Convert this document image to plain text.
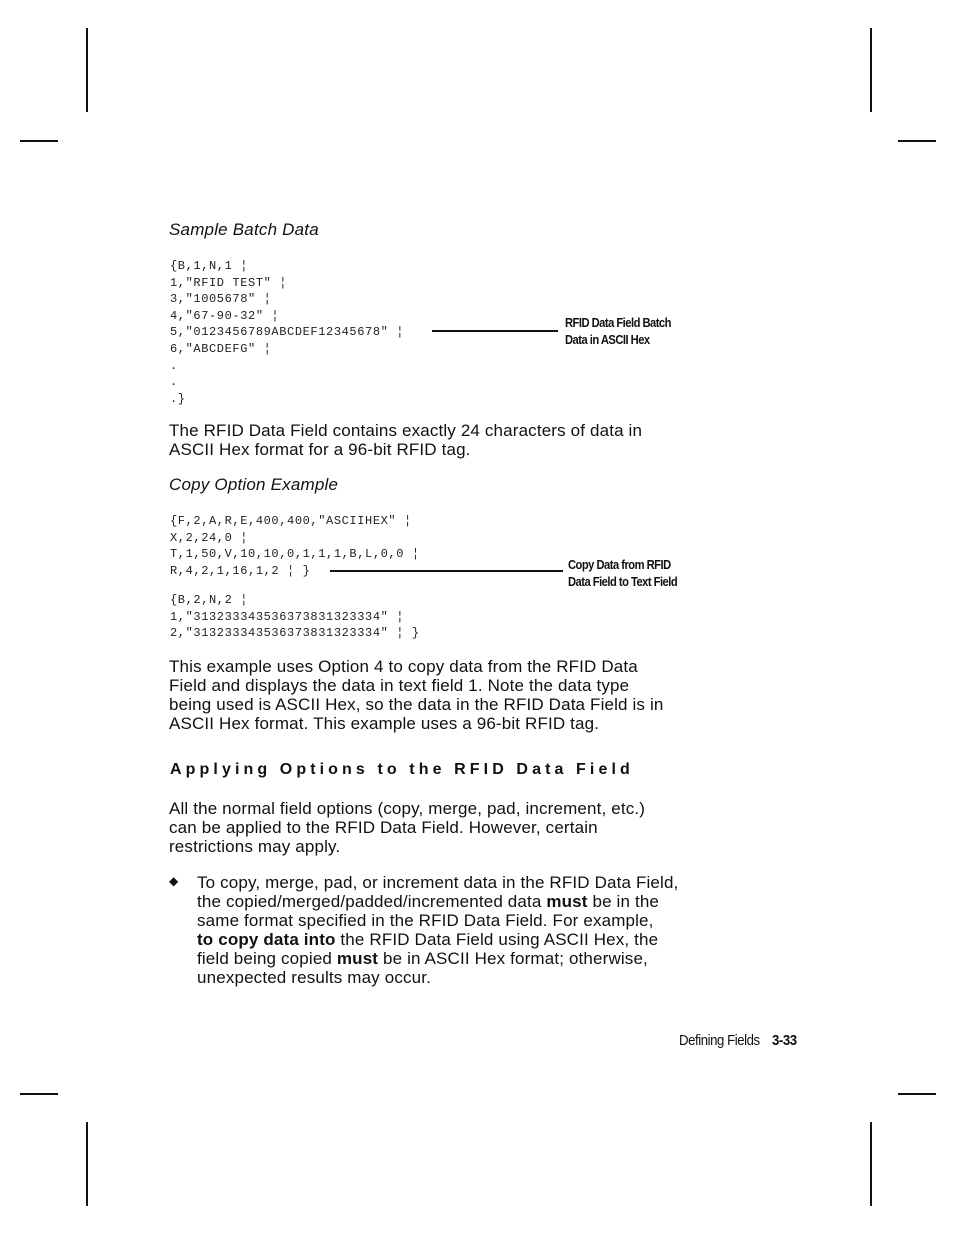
Sample Batch Data
{B,1,N,1 ¦
1,"RFID TEST" ¦
3,"1005678" ¦
4,"67-90-32" ¦
5,"0123456789ABCDEF12345678" ¦
6,"ABCDEFG" ¦
.
.
.}
RFID Data Field Batch
Data in ASCII Hex
The RFID Data Field contains exactly 24 characters of data in
ASCII Hex format for a 96-bit RFID tag.
Copy Option Example
{F,2,A,R,E,400,400,"ASCIIHEX" ¦
X,2,24,0 ¦
T,1,50,V,10,10,0,1,1,1,B,L,0,0 ¦
R,4,2,1,16,1,2 ¦ }	Copy Data from RFID
Data Field to Text Field
{B,2,N,2 ¦
1,"313233343536373831323334" ¦
2,"313233343536373831323334" ¦ }
This example uses Option 4 to copy data from the RFID Data
Field and displays the data in text field 1. Note the data type
being used is ASCII Hex, so the data in the RFID Data Field is in
ASCII Hex format. This example uses a 96-bit RFID tag.
Applying Options to the RFID Data Field
All the normal field options (copy, merge, pad, increment, etc.)
can be applied to the RFID Data Field. However, certain
restrictions may apply.
◆ To copy, merge, pad, or increment data in the RFID Data Field,
the copied/merged/padded/incremented data must be in the
same format specified in the RFID Data Field. For example,
to copy data into the RFID Data Field using ASCII Hex, the
field being copied must be in ASCII Hex format; otherwise,
unexpected results may occur.
Defining Fields 3-33
